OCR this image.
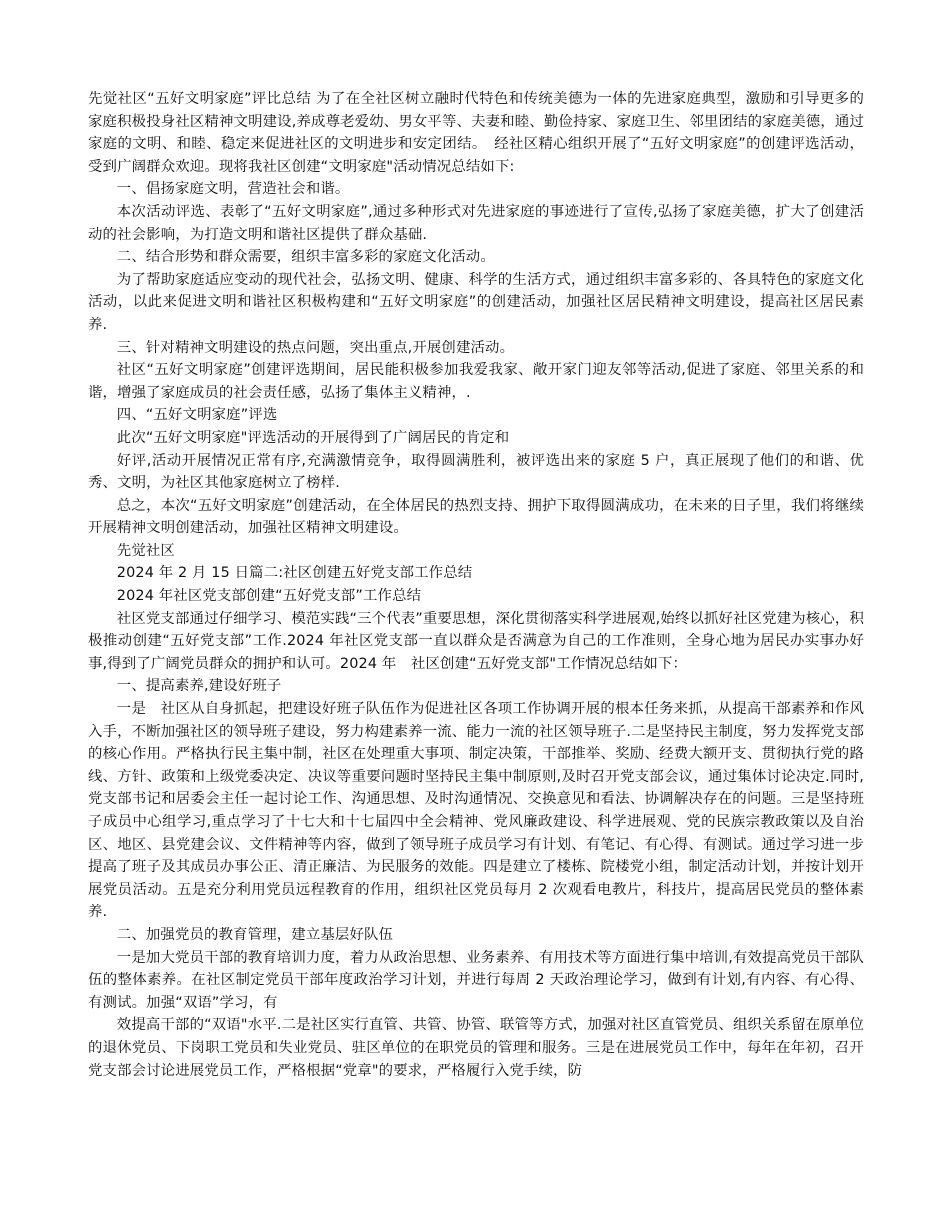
先觉社区“五好文明家庭”评比总结 为了在全社区树立融时代特色和传统美德为一体的先进家庭典型，激励和引导更多的家庭积极投身社区精神文明建设,养成尊老爱幼、男女平等、夫妻和睦、勤俭持家、家庭卫生、邻里团结的家庭美德，通过家庭的文明、和睦、稳定来促进社区的文明进步和安定团结。　经社区精心组织开展了“五好文明家庭”的创建评选活动，受到广阔群众欢迎。现将我社区创建“文明家庭"活动情况总结如下:

一、倡扬家庭文明，营造社会和谐。

本次活动评选、表彰了“五好文明家庭”,通过多种形式对先进家庭的事迹进行了宣传,弘扬了家庭美德，扩大了创建活动的社会影响，为打造文明和谐社区提供了群众基础.

二、结合形势和群众需要，组织丰富多彩的家庭文化活动。

为了帮助家庭适应变动的现代社会，弘扬文明、健康、科学的生活方式，通过组织丰富多彩的、各具特色的家庭文化活动，以此来促进文明和谐社区积极构建和“五好文明家庭”的创建活动，加强社区居民精神文明建设，提高社区居民素养.

三、针对精神文明建设的热点问题，突出重点,开展创建活动。

社区“五好文明家庭”创建评选期间，居民能积极参加我爱我家、敞开家门迎友邻等活动,促进了家庭、邻里关系的和谐，增强了家庭成员的社会责任感，弘扬了集体主义精神，.

四、“五好文明家庭”评选

此次“五好文明家庭"评选活动的开展得到了广阔居民的肯定和

好评,活动开展情况正常有序,充满激情竞争，取得圆满胜利，被评选出来的家庭 5 户，真正展现了他们的和谐、优秀、文明，为社区其他家庭树立了榜样.

总之，本次“五好文明家庭”创建活动，在全体居民的热烈支持、拥护下取得圆满成功，在未来的日子里，我们将继续开展精神文明创建活动，加强社区精神文明建设。

先觉社区

2024 年 2 月 15 日篇二:社区创建五好党支部工作总结

2024 年社区党支部创建“五好党支部”工作总结

社区党支部通过仔细学习、模范实践“三个代表”重要思想，深化贯彻落实科学进展观,始终以抓好社区党建为核心，积极推动创建“五好党支部”工作.2024 年社区党支部一直以群众是否满意为自己的工作准则，全身心地为居民办实事办好事,得到了广阔党员群众的拥护和认可。2024 年　社区创建“五好党支部"工作情况总结如下：

一、提高素养,建设好班子

一是　社区从自身抓起，把建设好班子队伍作为促进社区各项工作协调开展的根本任务来抓，从提高干部素养和作风入手，不断加强社区的领导班子建设，努力构建素养一流、能力一流的社区领导班子.二是坚持民主制度，努力发挥党支部的核心作用。严格执行民主集中制，社区在处理重大事项、制定决策，干部推举、奖励、经费大额开支、贯彻执行党的路线、方针、政策和上级党委决定、决议等重要问题时坚持民主集中制原则,及时召开党支部会议，通过集体讨论决定.同时,党支部书记和居委会主任一起讨论工作、沟通思想、及时沟通情况、交换意见和看法、协调解决存在的问题。三是坚持班子成员中心组学习,重点学习了十七大和十七届四中全会精神、党风廉政建设、科学进展观、党的民族宗教政策以及自治区、地区、县党建会议、文件精神等内容，做到了领导班子成员学习有计划、有笔记、有心得、有测试。通过学习进一步提高了班子及其成员办事公正、清正廉洁、为民服务的效能。四是建立了楼栋、院楼党小组，制定活动计划，并按计划开展党员活动。五是充分利用党员远程教育的作用，组织社区党员每月 2 次观看电教片，科技片，提高居民党员的整体素养.

二、加强党员的教育管理，建立基层好队伍

一是加大党员干部的教育培训力度，着力从政治思想、业务素养、有用技术等方面进行集中培训,有效提高党员干部队伍的整体素养。在社区制定党员干部年度政治学习计划，并进行每周 2 天政治理论学习，做到有计划,有内容、有心得、有测试。加强“双语”学习，有

效提高干部的“双语"水平.二是社区实行直管、共管、协管、联管等方式，加强对社区直管党员、组织关系留在原单位的退休党员、下岗职工党员和失业党员、驻区单位的在职党员的管理和服务。三是在进展党员工作中，每年在年初，召开党支部会讨论进展党员工作，严格根据“党章"的要求，严格履行入党手续，防
